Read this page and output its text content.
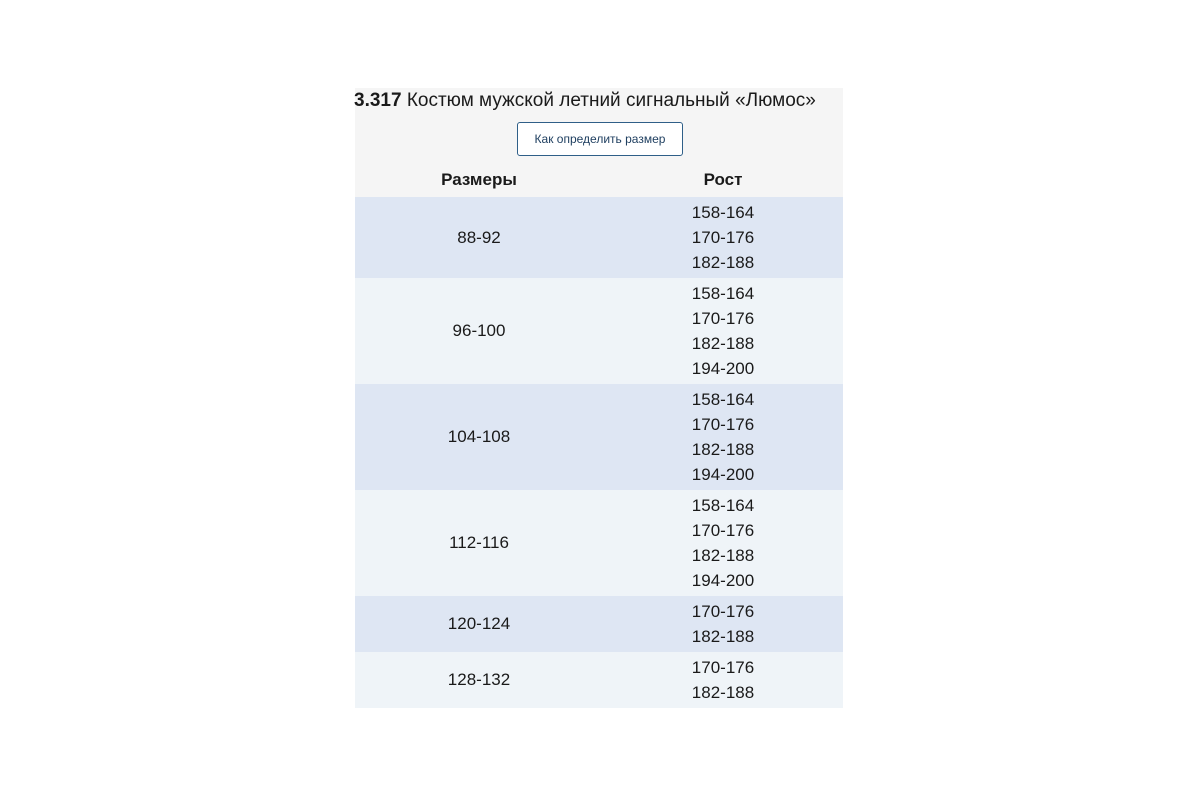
3.317 Костюм мужской летний сигнальный «Люмос»
Как определить размер
Размеры	Рост
88-92
158-164
170-176
182-188
96-100
158-164
170-176
182-188
194-200
104-108
158-164
170-176
182-188
194-200
112-116
158-164
170-176
182-188
194-200
120-124
170-176
182-188
128-132
170-176
182-188
